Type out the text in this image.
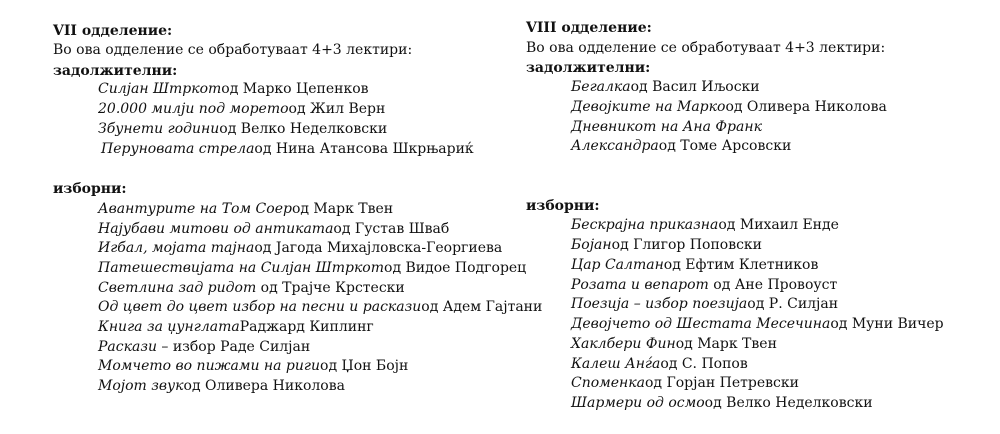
VII одделение:
Во ова одделение се обработуваат 4+3 лектири:
задолжителни:
Силјан Штркотод Марко Цепенков
20.000 милји под моретоод Жил Верн
Збунети годиниод Велко Неделковски
Перуновата стрелаод Нина Атансова Шкрњариќ
изборни:
Авантурите на Том Соерод Марк Твен
Најубави митови од антикатаод Густав Шваб
Игбал, мојата тајнаод Јагода Михајловска-Георгиева
Патешествијата на Силјан Штркотод Видое Подгорец
Светлина зад ридот од Трајче Крстески
Од цвет до цвет избор на песни и расказиод Адем Гајтани
Книга за џунглатаРаджард Киплинг
Раскази – избор Раде Силјан
Момчето во пижами на ригиод Џон Бојн
Мојот звукод Оливера Николова
VIII одделение:
Во ова одделение се обработуваат 4+3 лектири:
задолжителни:
Бегалкаод Васил Иљоски
Девојките на Маркоод Оливера Николова
Дневникот на Ана Франк
Александраод Томе Арсовски
изборни:
Бескрајна приказнаод Михаил Енде
Бојанод Глигор Поповски
Цар Салтанод Ефтим Клетников
Розата и вепарот од Ане Провоуст
Поезија – избор поезијаод Р. Силјан
Девојчето од Шестата Месечинаод Муни Вичер
Хаклбери Финод Марк Твен
Калеш Анѓаод С. Попов
Споменкаод Горјан Петревски
Шармери од осмоод Велко Неделковски
